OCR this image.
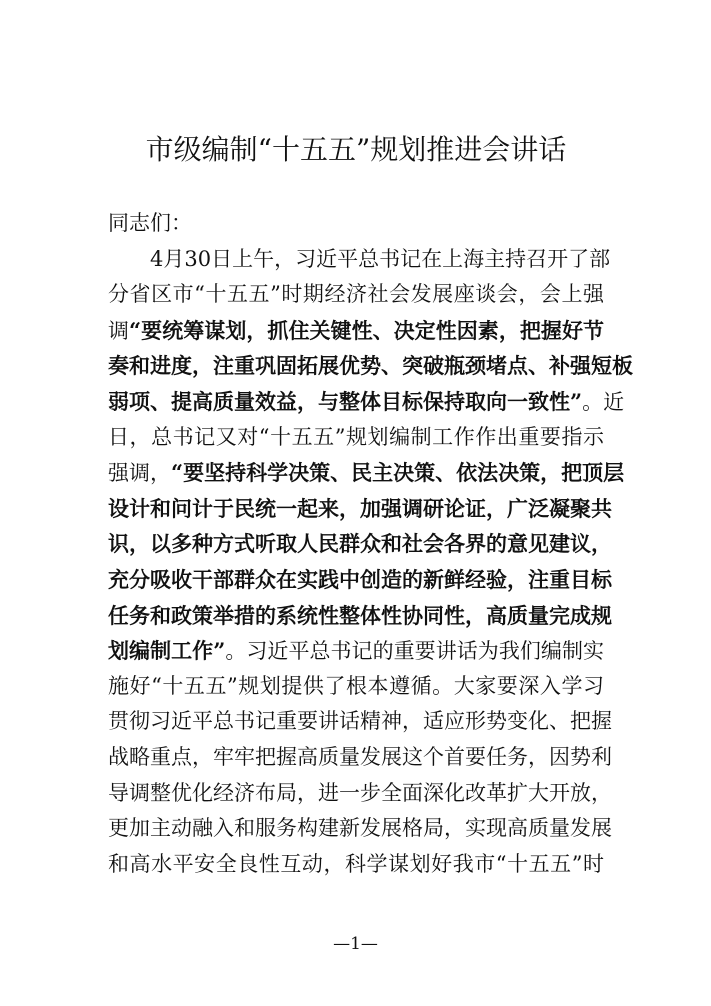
市级编制“十五五”规划推进会讲话
同志们：
4月30日上午，习近平总书记在上海主持召开了部
分省区市“十五五”时期经济社会发展座谈会，会上强
调“要统筹谋划，抓住关键性、决定性因素，把握好节
奏和进度，注重巩固拓展优势、突破瓶颈堵点、补强短板
弱项、提高质量效益，与整体目标保持取向一致性”。近
日，总书记又对“十五五”规划编制工作作出重要指示
强调，“要坚持科学决策、民主决策、依法决策，把顶层
设计和问计于民统一起来，加强调研论证，广泛凝聚共
识，以多种方式听取人民群众和社会各界的意见建议，
充分吸收干部群众在实践中创造的新鲜经验，注重目标
任务和政策举措的系统性整体性协同性，高质量完成规
划编制工作”。习近平总书记的重要讲话为我们编制实
施好“十五五”规划提供了根本遵循。大家要深入学习
贯彻习近平总书记重要讲话精神，适应形势变化、把握
战略重点，牢牢把握高质量发展这个首要任务，因势利
导调整优化经济布局，进一步全面深化改革扩大开放，
更加主动融入和服务构建新发展格局，实现高质量发展
和高水平安全良性互动，科学谋划好我市“十五五”时
—1—
